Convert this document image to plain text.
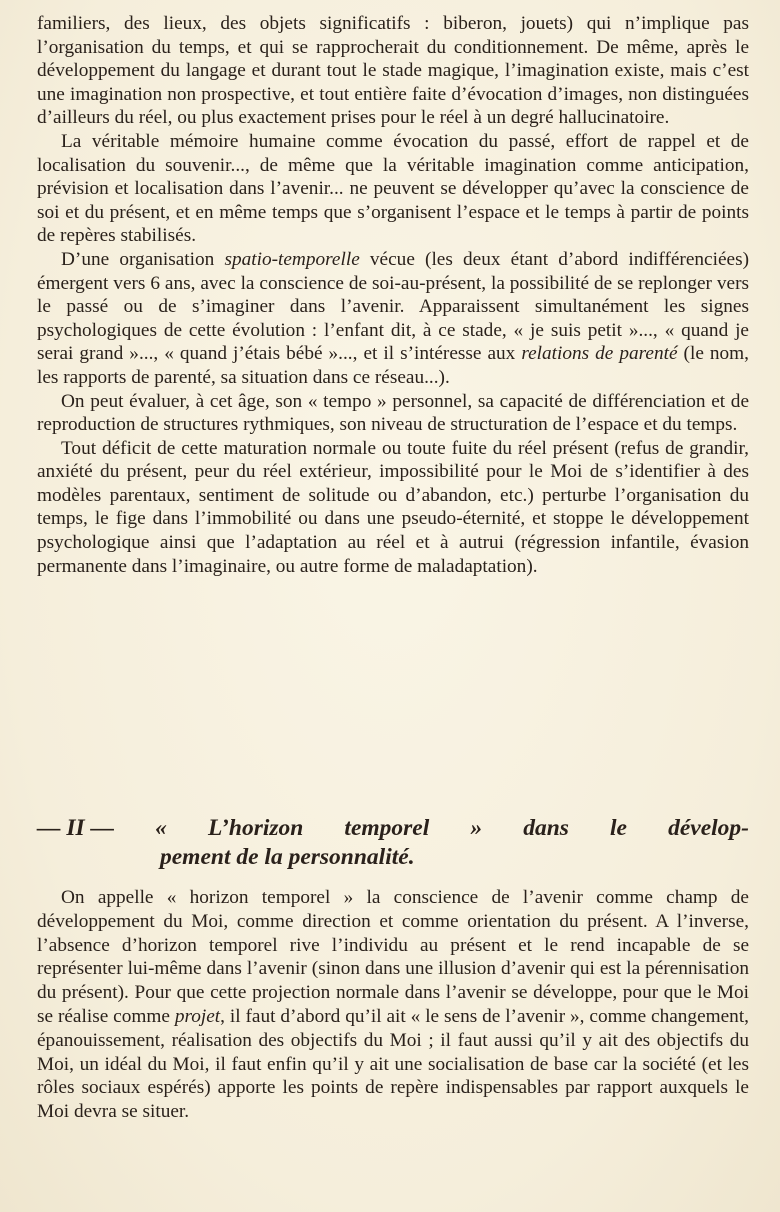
familiers, des lieux, des objets significatifs : biberon, jouets) qui n’implique pas l’organisation du temps, et qui se rapprocherait du conditionnement. De même, après le développement du langage et durant tout le stade magique, l’imagination existe, mais c’est une imagination non prospective, et tout entière faite d’évocation d’images, non distinguées d’ailleurs du réel, ou plus exactement prises pour le réel à un degré hallucinatoire.

La véritable mémoire humaine comme évocation du passé, effort de rappel et de localisation du souvenir..., de même que la véritable imagination comme anticipation, prévision et localisation dans l’avenir... ne peuvent se développer qu’avec la conscience de soi et du présent, et en même temps que s’organisent l’espace et le temps à partir de points de repères stabilisés.

D’une organisation spatio-temporelle vécue (les deux étant d’abord indifférenciées) émergent vers 6 ans, avec la conscience de soi-au-présent, la possibilité de se replonger vers le passé ou de s’imaginer dans l’avenir. Apparaissent simultanément les signes psychologiques de cette évolution : l’enfant dit, à ce stade, « je suis petit »..., « quand je serai grand »..., « quand j’étais bébé »..., et il s’intéresse aux relations de parenté (le nom, les rapports de parenté, sa situation dans ce réseau...).

On peut évaluer, à cet âge, son « tempo » personnel, sa capacité de différenciation et de reproduction de structures rythmiques, son niveau de structuration de l’espace et du temps.

Tout déficit de cette maturation normale ou toute fuite du réel présent (refus de grandir, anxiété du présent, peur du réel extérieur, impossibilité pour le Moi de s’identifier à des modèles parentaux, sentiment de solitude ou d’abandon, etc.) perturbe l’organisation du temps, le fige dans l’immobilité ou dans une pseudo-éternité, et stoppe le développement psychologique ainsi que l’adaptation au réel et à autrui (régression infantile, évasion permanente dans l’imaginaire, ou autre forme de maladaptation).

— II — « L’horizon temporel » dans le dévelop-
pement de la personnalité.

On appelle « horizon temporel » la conscience de l’avenir comme champ de développement du Moi, comme direction et comme orientation du présent. A l’inverse, l’absence d’horizon temporel rive l’individu au présent et le rend incapable de se représenter lui-même dans l’avenir (sinon dans une illusion d’avenir qui est la pérennisation du présent). Pour que cette projection normale dans l’avenir se développe, pour que le Moi se réalise comme projet, il faut d’abord qu’il ait « le sens de l’avenir », comme changement, épanouissement, réalisation des objectifs du Moi ; il faut aussi qu’il y ait des objectifs du Moi, un idéal du Moi, il faut enfin qu’il y ait une socialisation de base car la société (et les rôles sociaux espérés) apporte les points de repère indispensables par rapport auxquels le Moi devra se situer.
